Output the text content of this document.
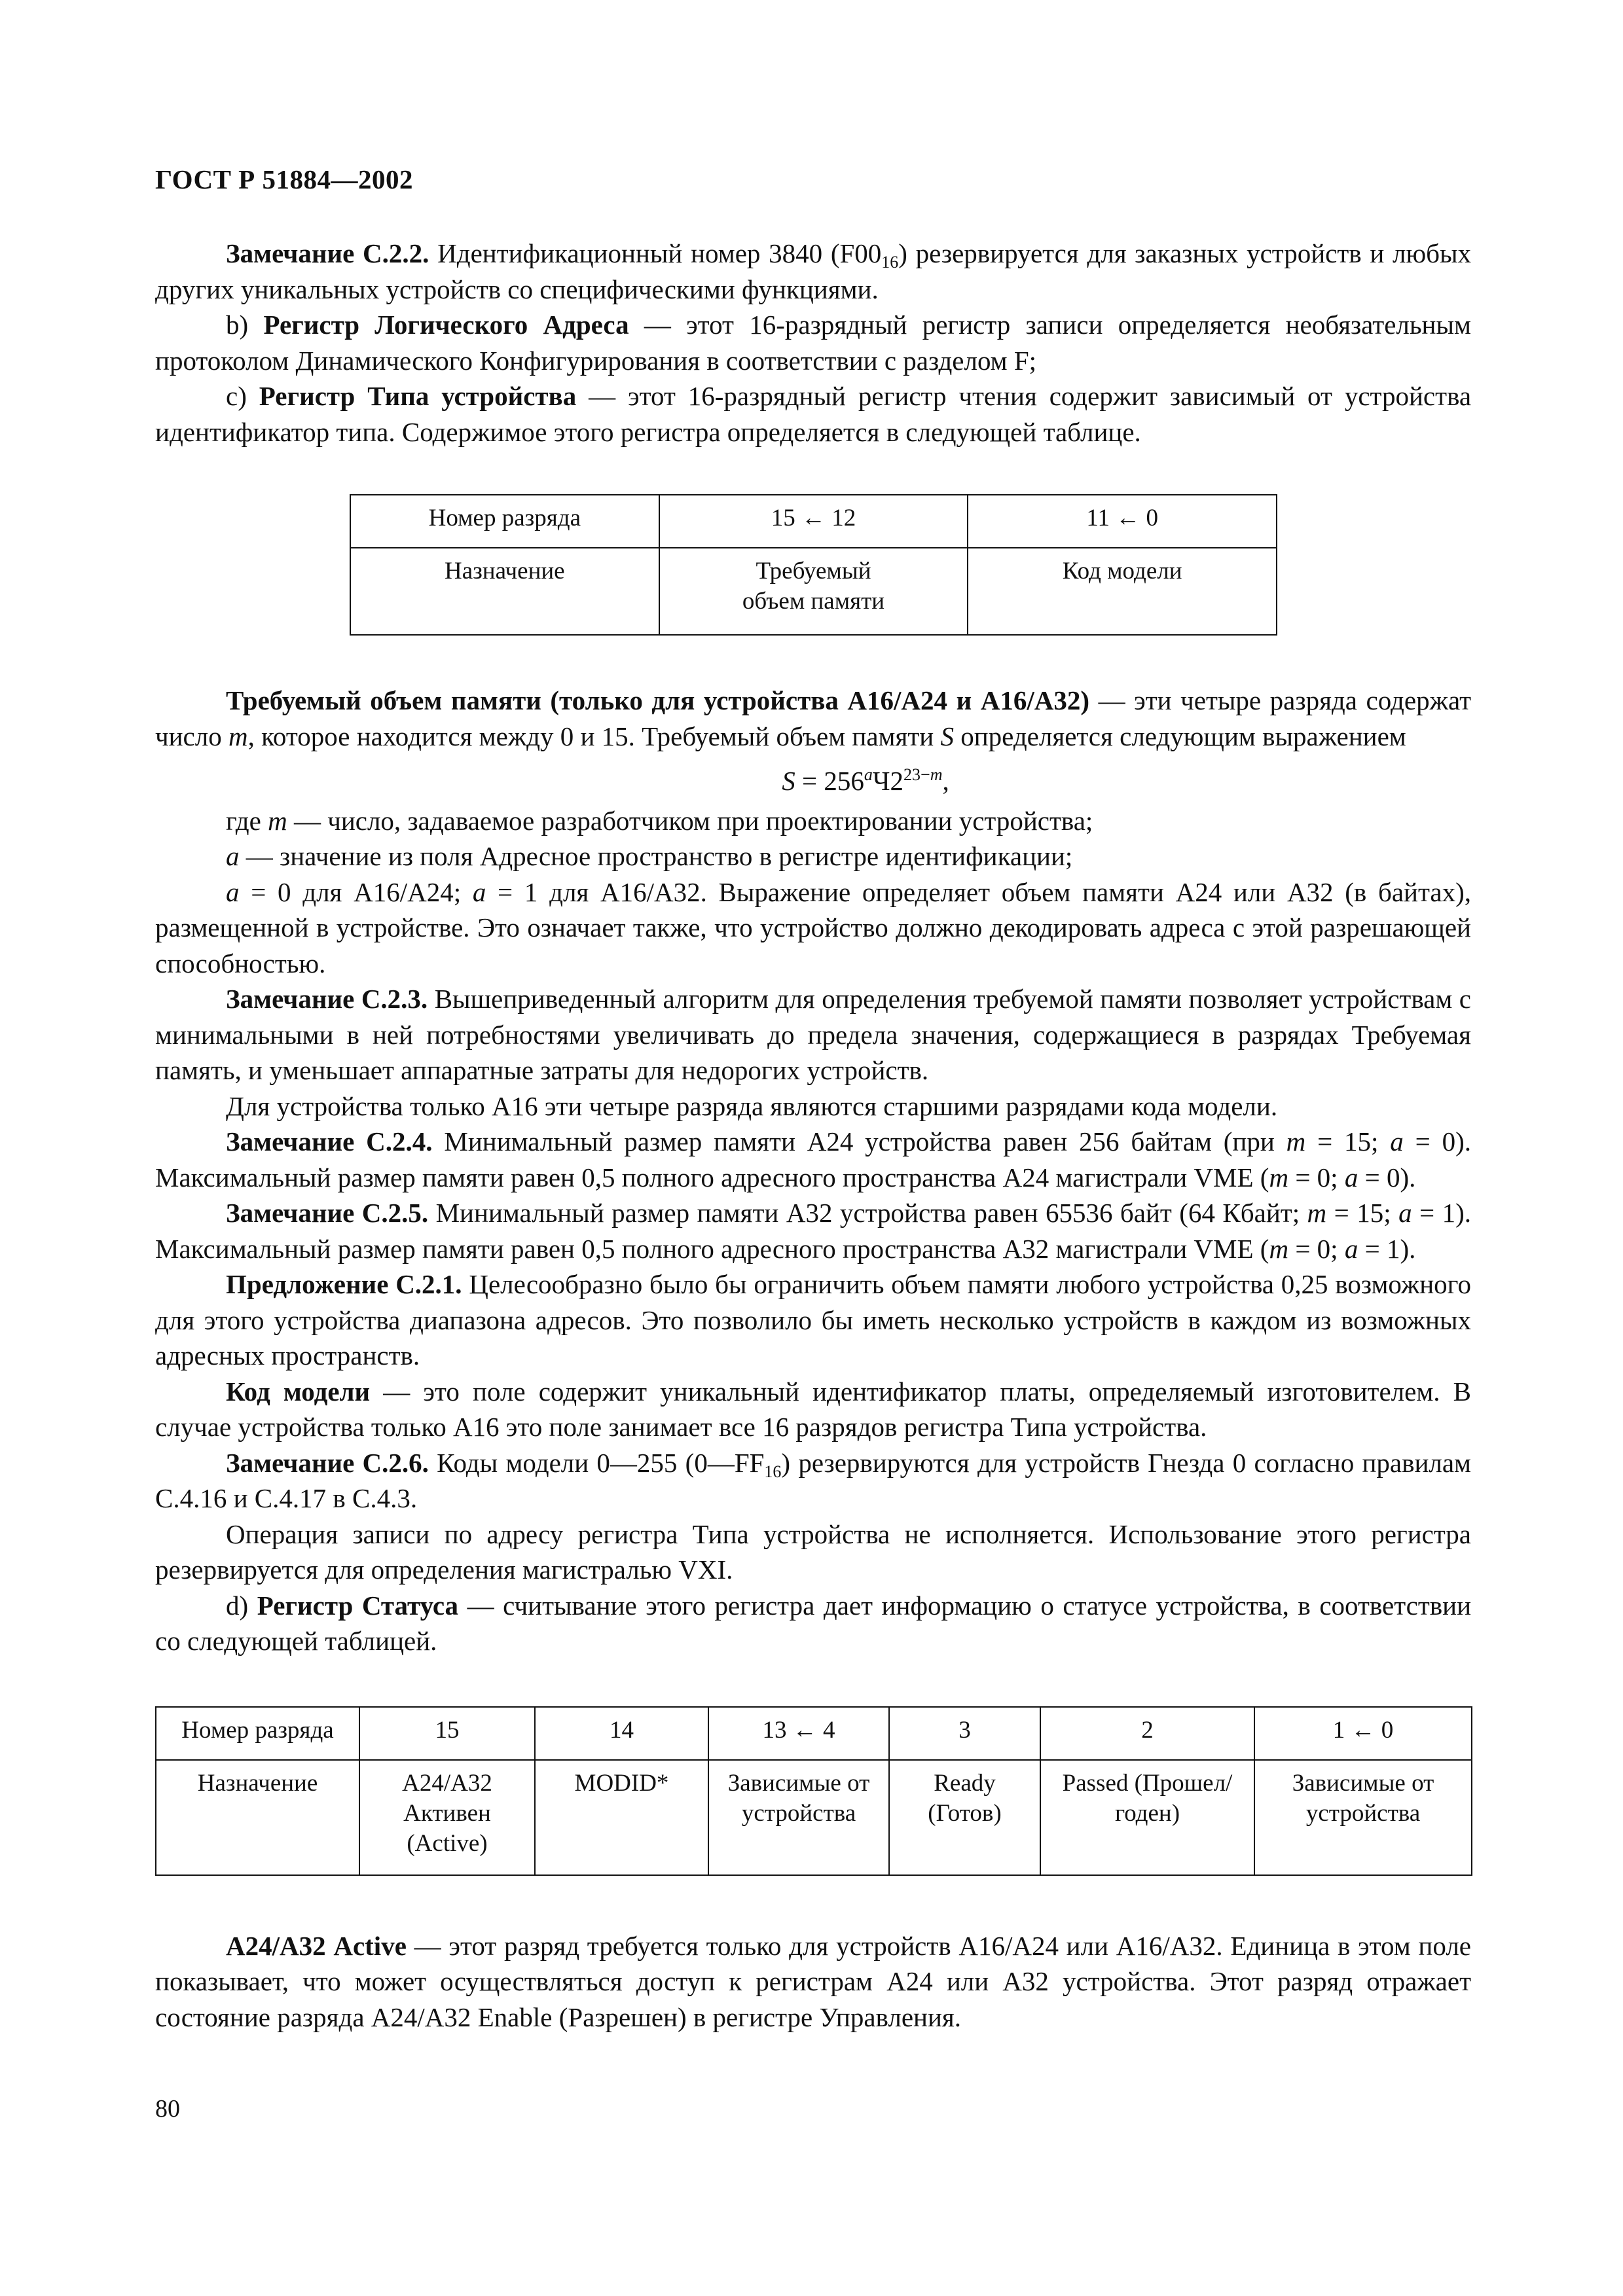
ГОСТ Р 51884—2002

Замечание С.2.2. Идентификационный номер 3840 $(F00_{16})$ резервируется для заказных устройств и любых других уникальных устройств со специфическими функциями.

b) Регистр Логического Адреса — этот 16-разрядный регистр записи определяется необязательным протоколом Динамического Конфигурирования в соответствии с разделом F;

c) Регистр Типа устройства — этот 16-разрядный регистр чтения содержит зависимый от устройства идентификатор типа. Содержимое этого регистра определяется в следующей таблице.

Номер разряда	15 ← 12	11 ← 0
Назначение	Требуемый объем памяти	Код модели

Требуемый объем памяти (только для устройства А16/А24 и А16/А32) — эти четыре разряда содержат число m, которое находится между 0 и 15. Требуемый объем памяти S определяется следующим выражением

$S = 256^aЧ2^{23-m}$,

где m — число, задаваемое разработчиком при проектировании устройства;

a — значение из поля Адресное пространство в регистре идентификации;

a = 0 для А16/А24; a = 1 для А16/А32. Выражение определяет объем памяти А24 или А32 (в байтах), размещенной в устройстве. Это означает также, что устройство должно декодировать адреса с этой разрешающей способностью.

Замечание С.2.3. Вышеприведенный алгоритм для определения требуемой памяти позволяет устройствам с минимальными в ней потребностями увеличивать до предела значения, содержащиеся в разрядах Требуемая память, и уменьшает аппаратные затраты для недорогих устройств.

Для устройства только А16 эти четыре разряда являются старшими разрядами кода модели.

Замечание С.2.4. Минимальный размер памяти А24 устройства равен 256 байтам (при m = 15; a = 0). Максимальный размер памяти равен 0,5 полного адресного пространства А24 магистрали VME (m = 0; a = 0).

Замечание С.2.5. Минимальный размер памяти А32 устройства равен 65536 байт (64 Кбайт; m = 15; a = 1). Максимальный размер памяти равен 0,5 полного адресного пространства А32 магистрали VME (m = 0; a = 1).

Предложение С.2.1. Целесообразно было бы ограничить объем памяти любого устройства 0,25 возможного для этого устройства диапазона адресов. Это позволило бы иметь несколько устройств в каждом из возможных адресных пространств.

Код модели — это поле содержит уникальный идентификатор платы, определяемый изготовителем. В случае устройства только А16 это поле занимает все 16 разрядов регистра Типа устройства.

Замечание С.2.6. Коды модели 0—255 $(0—FF_{16})$ резервируются для устройств Гнезда 0 согласно правилам С.4.16 и С.4.17 в С.4.3.

Операция записи по адресу регистра Типа устройства не исполняется. Использование этого регистра резервируется для определения магистралью VXI.

d) Регистр Статуса — считывание этого регистра дает информацию о статусе устройства, в соответствии со следующей таблицей.

Номер разряда	15	14	13 ← 4	3	2	1 ← 0
Назначение	А24/А32 Активен (Active)	MODID*	Зависимые от устройства	Ready (Готов)	Passed (Прошел/годен)	Зависимые от устройства

А24/А32 Active — этот разряд требуется только для устройств А16/А24 или А16/А32. Единица в этом поле показывает, что может осуществляться доступ к регистрам А24 или А32 устройства. Этот разряд отражает состояние разряда А24/А32 Enable (Разрешен) в регистре Управления.

80
